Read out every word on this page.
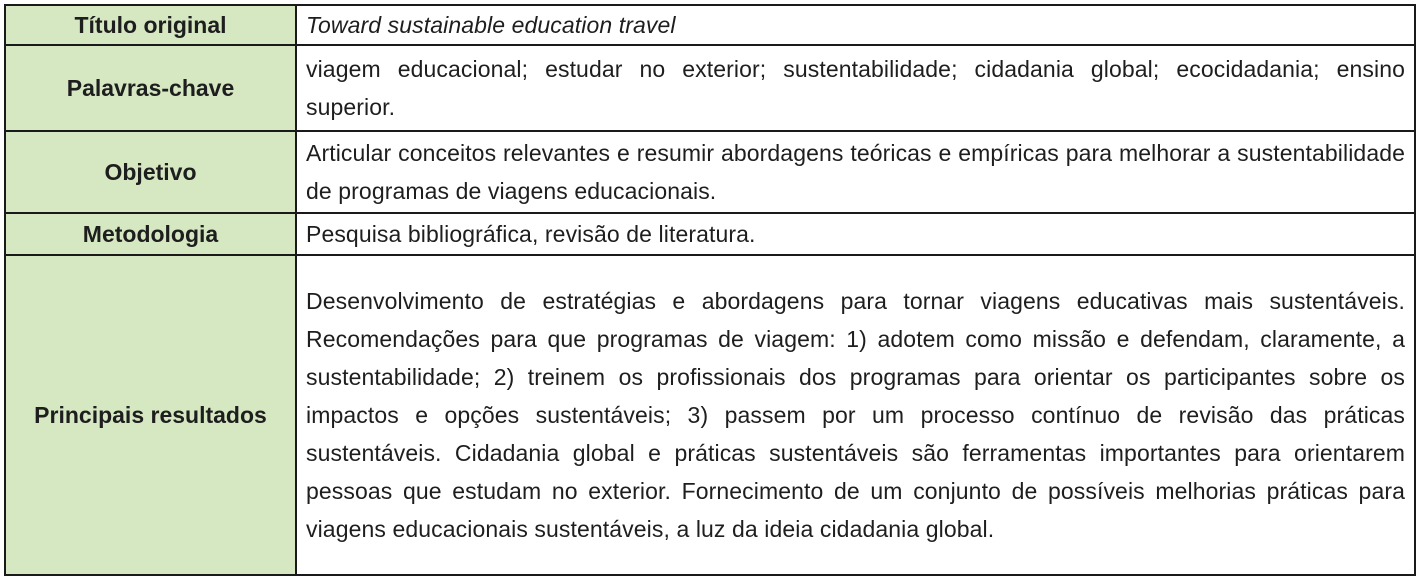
Título original	Toward sustainable education travel
Palavras-chave	viagem educacional; estudar no exterior; sustentabilidade; cidadania global; ecocidadania; ensino superior.
Objetivo	Articular conceitos relevantes e resumir abordagens teóricas e empíricas para melhorar a sustentabilidade de programas de viagens educacionais.
Metodologia	Pesquisa bibliográfica, revisão de literatura.
Principais resultados	Desenvolvimento de estratégias e abordagens para tornar viagens educativas mais sustentáveis. Recomendações para que programas de viagem: 1) adotem como missão e defendam, claramente, a sustentabilidade; 2) treinem os profissionais dos programas para orientar os participantes sobre os impactos e opções sustentáveis; 3) passem por um processo contínuo de revisão das práticas sustentáveis. Cidadania global e práticas sustentáveis são ferramentas importantes para orientarem pessoas que estudam no exterior. Fornecimento de um conjunto de possíveis melhorias práticas para viagens educacionais sustentáveis, a luz da ideia cidadania global.
